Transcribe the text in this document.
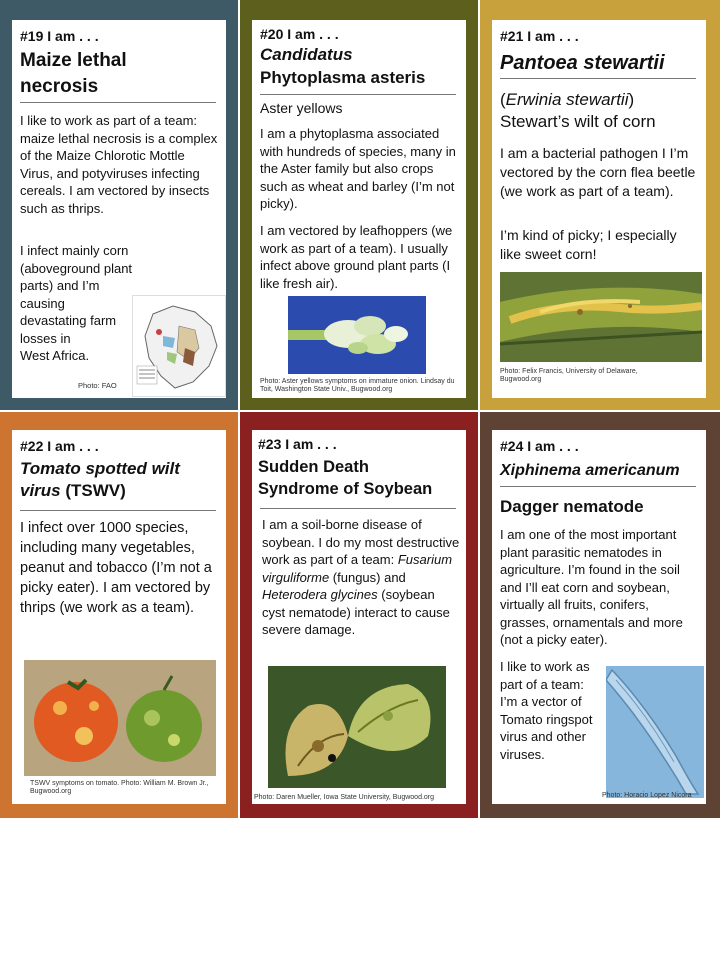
#19 I am . . .
Maize lethal
necrosis

I like to work as part of a team: maize lethal necrosis is a complex of the Maize Chlorotic Mottle Virus, and potyviruses infecting cereals. I am vectored by insects such as thrips.

I infect mainly corn (aboveground plant parts) and I’m causing devastating farm losses in
West Africa.

Photo: FAO
#20 I am . . .
Candidatus
Phytoplasma asteris
Aster yellows

I am a phytoplasma associated with hundreds of species, many in the Aster family but also crops such as wheat and barley (I’m not picky).

I am vectored by leafhoppers (we work as part of a team). I usually infect above ground plant parts (I like fresh air).

Photo: Aster yellows symptoms on immature onion. Lindsay du Toit, Washington State Univ., Bugwood.org
#21 I am . . .
Pantoea stewartii
(Erwinia stewartii)
Stewart’s wilt of corn

I am a bacterial pathogen I I’m vectored by the corn flea beetle (we work as part of a team).

I’m kind of picky; I especially like sweet corn!

Photo: Felix Francis, University of Delaware, Bugwood.org
#22 I am . . .
Tomato spotted wilt
virus (TSWV)

I infect over 1000 species, including many vegetables, peanut and tobacco (I’m not a picky eater). I am vectored by thrips (we work as a team).

TSWV symptoms on tomato. Photo: William M. Brown Jr., Bugwood.org
#23 I am . . .
Sudden Death
Syndrome of Soybean

I am a soil-borne disease of soybean. I do my most destructive work as part of a team: Fusarium virguliforme (fungus) and Heterodera glycines (soybean cyst nematode) interact to cause severe damage.

Photo: Daren Mueller, Iowa State University, Bugwood.org
#24 I am . . .
Xiphinema americanum
Dagger nematode

I am one of the most important plant parasitic nematodes in agriculture. I’m found in the soil and I’ll eat corn and soybean, virtually all fruits, conifers, grasses, ornamentals and more (not a picky eater).

I like to work as part of a team: I’m a vector of Tomato ringspot virus and other viruses.

Photo: Horacio Lopez Nicora
